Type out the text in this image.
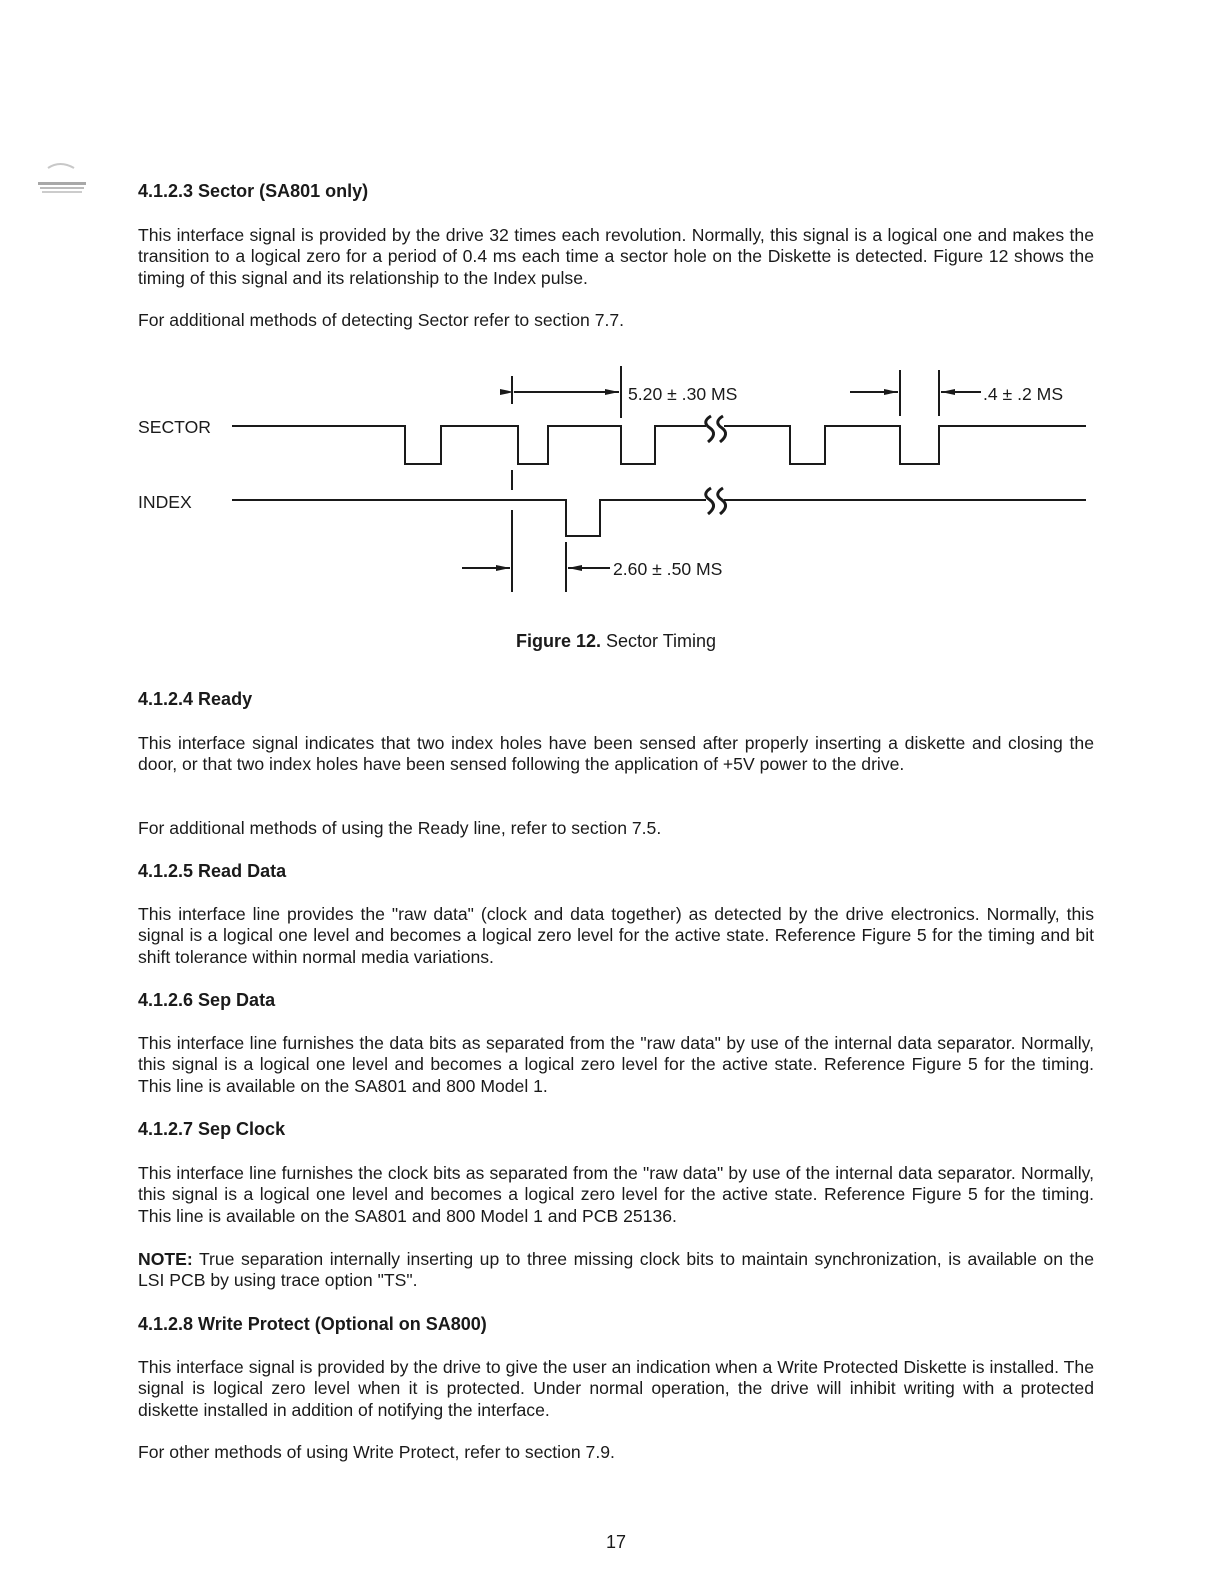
4.1.2.3 Sector (SA801 only)

This interface signal is provided by the drive 32 times each revolution. Normally, this signal is a logical one and makes the transition to a logical zero for a period of 0.4 ms each time a sector hole on the Diskette is detected. Figure 12 shows the timing of this signal and its relationship to the Index pulse.

For additional methods of detecting Sector refer to section 7.7.

SECTOR
INDEX
5.20 ± .30 MS	.4 ± .2 MS
2.60 ± .50 MS

Figure 12. Sector Timing

4.1.2.4 Ready

This interface signal indicates that two index holes have been sensed after properly inserting a diskette and closing the door, or that two index holes have been sensed following the application of +5V power to the drive.

For additional methods of using the Ready line, refer to section 7.5.

4.1.2.5 Read Data

This interface line provides the "raw data" (clock and data together) as detected by the drive electronics. Normally, this signal is a logical one level and becomes a logical zero level for the active state. Reference Figure 5 for the timing and bit shift tolerance within normal media variations.

4.1.2.6 Sep Data

This interface line furnishes the data bits as separated from the "raw data" by use of the internal data separator. Normally, this signal is a logical one level and becomes a logical zero level for the active state. Reference Figure 5 for the timing. This line is available on the SA801 and 800 Model 1.

4.1.2.7 Sep Clock

This interface line furnishes the clock bits as separated from the "raw data" by use of the internal data separator. Normally, this signal is a logical one level and becomes a logical zero level for the active state. Reference Figure 5 for the timing. This line is available on the SA801 and 800 Model 1 and PCB 25136.

NOTE: True separation internally inserting up to three missing clock bits to maintain synchronization, is available on the LSI PCB by using trace option "TS".

4.1.2.8 Write Protect (Optional on SA800)

This interface signal is provided by the drive to give the user an indication when a Write Protected Diskette is installed. The signal is logical zero level when it is protected. Under normal operation, the drive will inhibit writing with a protected diskette installed in addition of notifying the interface.

For other methods of using Write Protect, refer to section 7.9.

17
